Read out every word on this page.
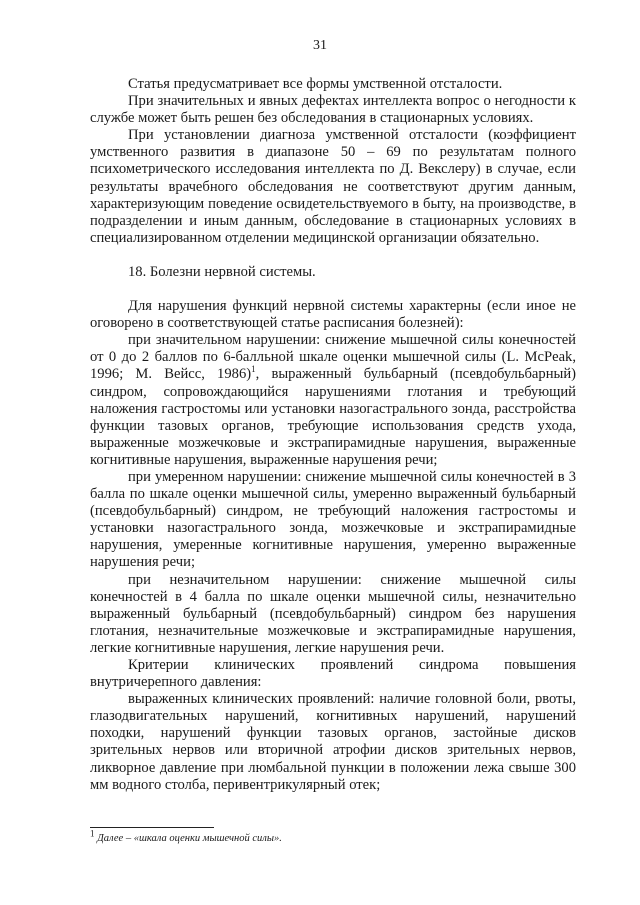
31

Статья предусматривает все формы умственной отсталости.

При значительных и явных дефектах интеллекта вопрос о негодности к службе может быть решен без обследования в стационарных условиях.

При установлении диагноза умственной отсталости (коэффициент умственного развития в диапазоне 50 – 69 по результатам полного психометрического исследования интеллекта по Д. Векслеру) в случае, если результаты врачебного обследования не соответствуют другим данным, характеризующим поведение освидетельствуемого в быту, на производстве, в подразделении и иным данным, обследование в стационарных условиях в специализированном отделении медицинской организации обязательно.

18. Болезни нервной системы.

Для нарушения функций нервной системы характерны (если иное не оговорено в соответствующей статье расписания болезней):

при значительном нарушении: снижение мышечной силы конечностей от 0 до 2 баллов по 6-балльной шкале оценки мышечной силы (L. McPeak, 1996; М. Вейсс, 1986)$^1$, выраженный бульбарный (псевдобульбарный) синдром, сопровождающийся нарушениями глотания и требующий наложения гастростомы или установки назогастрального зонда, расстройства функции тазовых органов, требующие использования средств ухода, выраженные мозжечковые и экстрапирамидные нарушения, выраженные когнитивные нарушения, выраженные нарушения речи;

при умеренном нарушении: снижение мышечной силы конечностей в 3 балла по шкале оценки мышечной силы, умеренно выраженный бульбарный (псевдобульбарный) синдром, не требующий наложения гастростомы и установки назогастрального зонда, мозжечковые и экстрапирамидные нарушения, умеренные когнитивные нарушения, умеренно выраженные нарушения речи;

при незначительном нарушении: снижение мышечной силы конечностей в 4 балла по шкале оценки мышечной силы, незначительно выраженный бульбарный (псевдобульбарный) синдром без нарушения глотания, незначительные мозжечковые и экстрапирамидные нарушения, легкие когнитивные нарушения, легкие нарушения речи.

Критерии клинических проявлений синдрома повышения внутричерепного давления:

выраженных клинических проявлений: наличие головной боли, рвоты, глазодвигательных нарушений, когнитивных нарушений, нарушений походки, нарушений функции тазовых органов, застойные дисков зрительных нервов или вторичной атрофии дисков зрительных нервов, ликворное давление при люмбальной пункции в положении лежа свыше 300 мм водного столба, перивентрикулярный отек;

$^1$ Далее – «шкала оценки мышечной силы».
